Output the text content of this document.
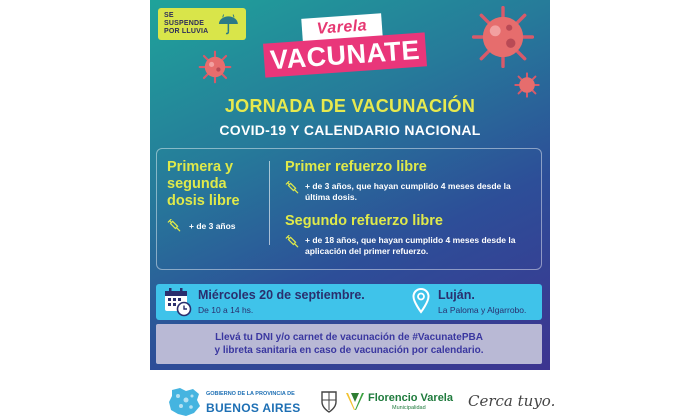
SE SUSPENDE
POR LLUVIA	Varela
VACUNATE
JORNADA DE VACUNACIÓN
COVID-19 Y CALENDARIO NACIONAL
Primera y segunda dosis libre
+ de 3 años
Primer refuerzo libre
+ de 3 años, que hayan cumplido 4 meses desde la última dosis.
Segundo refuerzo libre
+ de 18 años, que hayan cumplido 4 meses desde la aplicación del primer refuerzo.
Miércoles 20 de septiembre.
De 10 a 14 hs.
Luján.
La Paloma y Algarrobo.
Llevá tu DNI y/o carnet de vacunación de #VacunatePBA
y libreta sanitaria en caso de vacunación por calendario.
GOBIERNO DE LA PROVINCIA DE
BUENOS AIRES
Florencio Varela
Municipalidad	Cerca tuyo.
